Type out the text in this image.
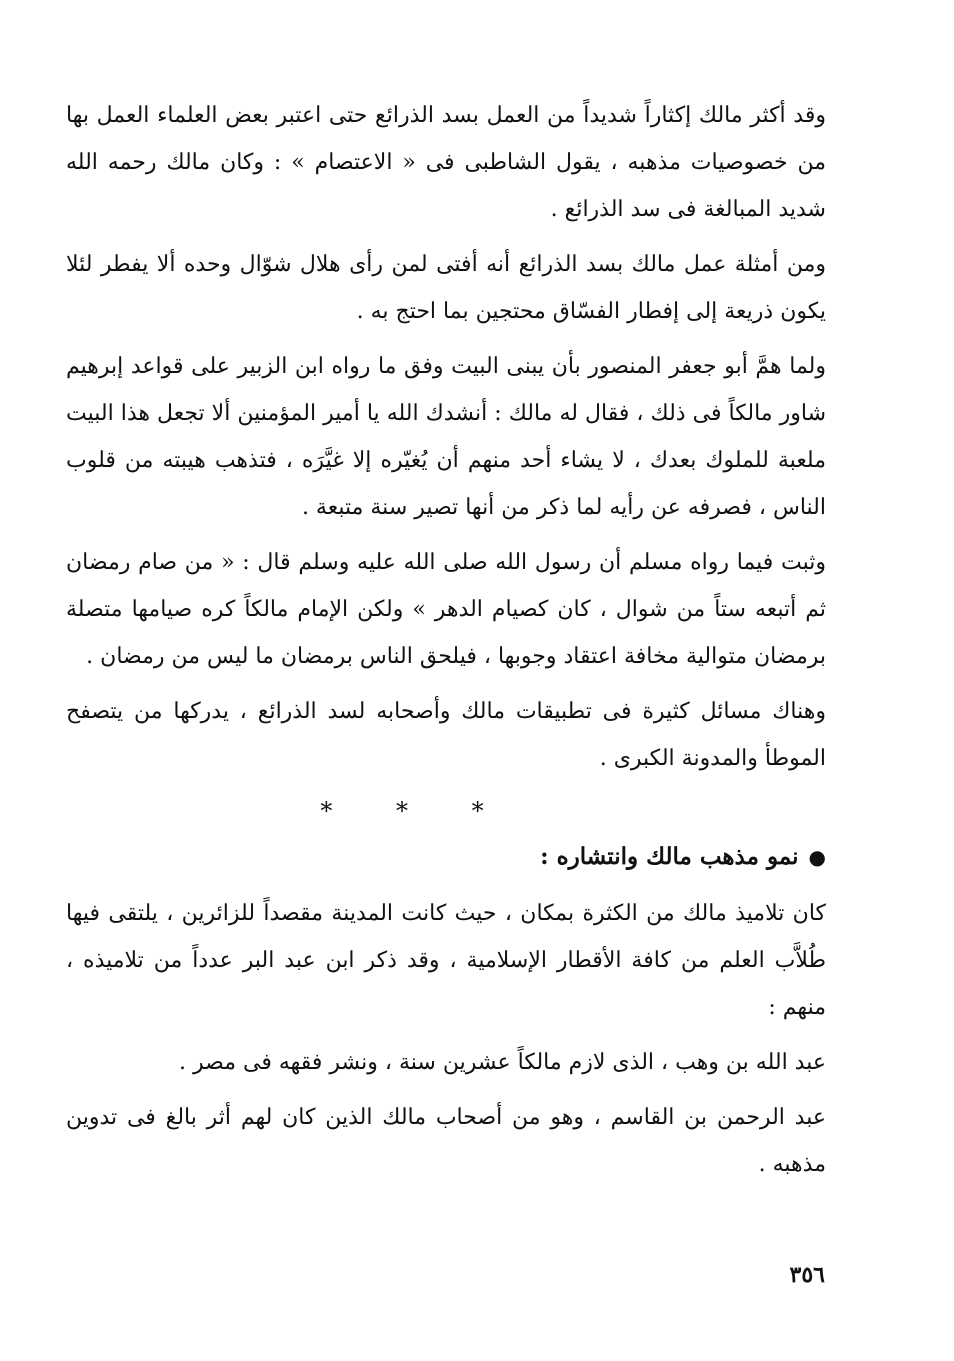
وقد أكثر مالك إكثاراً شديداً من العمل بسد الذرائع حتى اعتبر بعض العلماء العمل بها من خصوصيات مذهبه ، يقول الشاطبى فى « الاعتصام » : وكان مالك رحمه الله شديد المبالغة فى سد الذرائع .

ومن أمثلة عمل مالك بسد الذرائع أنه أفتى لمن رأى هلال شوّال وحده ألا يفطر لئلا يكون ذريعة إلى إفطار الفسّاق محتجين بما احتج به .

ولما همَّ أبو جعفر المنصور بأن يبنى البيت وفق ما رواه ابن الزبير على قواعد إبرهيم شاور مالكاً فى ذلك ، فقال له مالك : أنشدك الله يا أمير المؤمنين ألا تجعل هذا البيت ملعبة للملوك بعدك ، لا يشاء أحد منهم أن يُغيّره إلا غيَّرَه ، فتذهب هيبته من قلوب الناس ، فصرفه عن رأيه لما ذكر من أنها تصير سنة متبعة .

وثبت فيما رواه مسلم أن رسول الله صلى الله عليه وسلم قال : « من صام رمضان ثم أتبعه ستاً من شوال ، كان كصيام الدهر » ولكن الإمام مالكاً كره صيامها متصلة برمضان متوالية مخافة اعتقاد وجوبها ، فيلحق الناس برمضان ما ليس من رمضان .

وهناك مسائل كثيرة فى تطبيقات مالك وأصحابه لسد الذرائع ، يدركها من يتصفح الموطأ والمدونة الكبرى .

* * *
●نمو مذهب مالك وانتشاره :

كان تلاميذ مالك من الكثرة بمكان ، حيث كانت المدينة مقصداً للزائرين ، يلتقى فيها طُلاَّب العلم من كافة الأقطار الإسلامية ، وقد ذكر ابن عبد البر عدداً من تلاميذه ، منهم :

عبد الله بن وهب ، الذى لازم مالكاً عشرين سنة ، ونشر فقهه فى مصر .

عبد الرحمن بن القاسم ، وهو من أصحاب مالك الذين كان لهم أثر بالغ فى تدوين مذهبه .

٣٥٦
